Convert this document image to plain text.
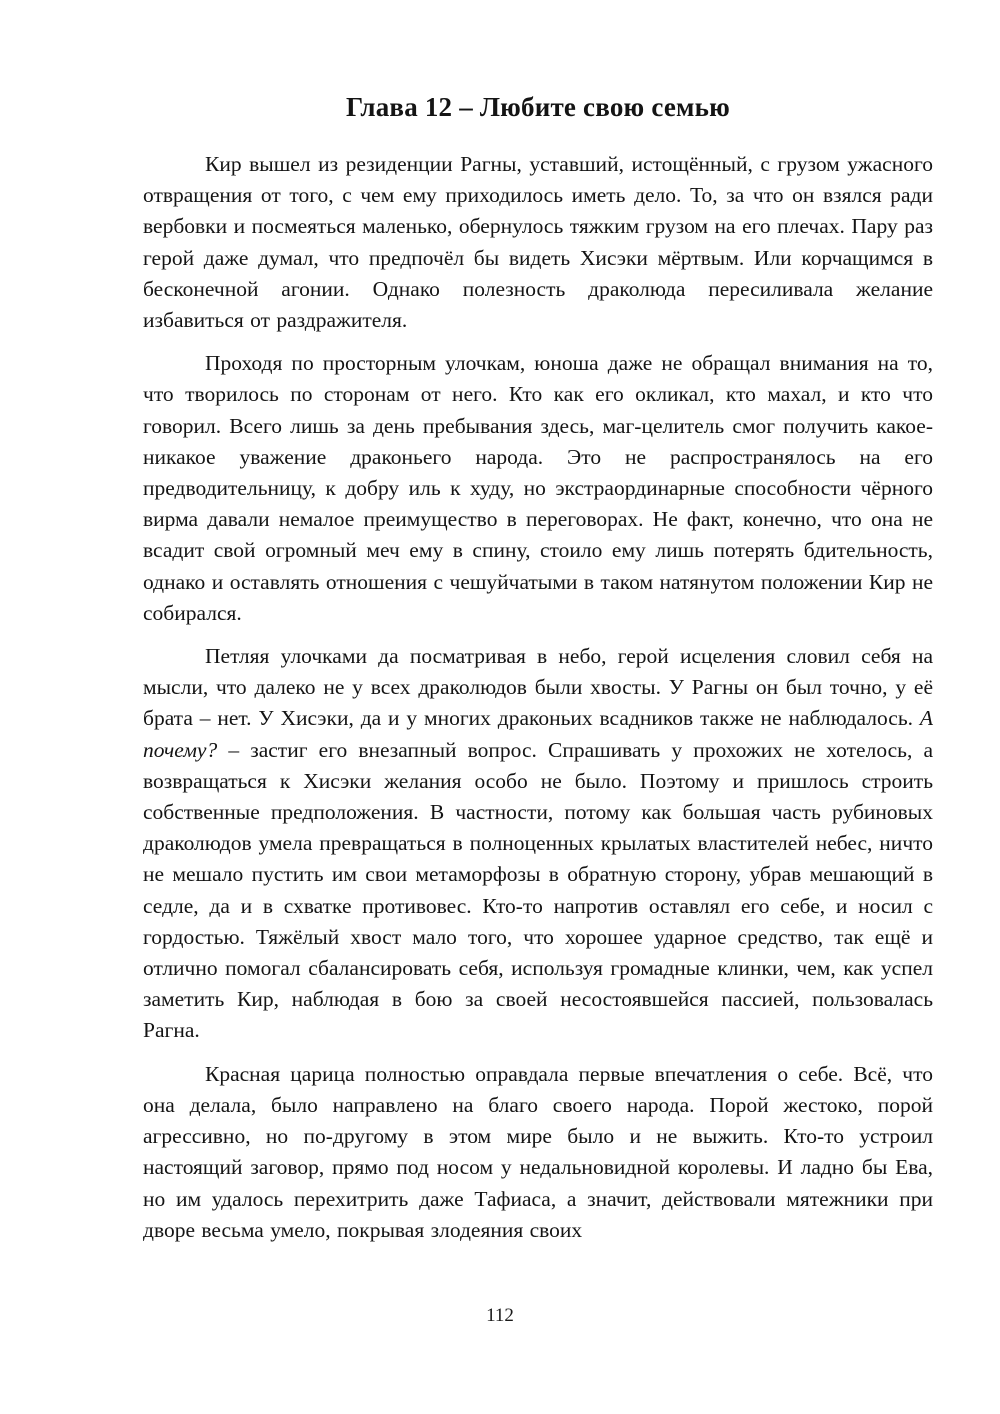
Глава 12 – Любите свою семью

Кир вышел из резиденции Рагны, уставший, истощённый, с грузом ужасного отвращения от того, с чем ему приходилось иметь дело. То, за что он взялся ради вербовки и посмеяться маленько, обернулось тяжким грузом на его плечах. Пару раз герой даже думал, что предпочёл бы видеть Хисэки мёртвым. Или корчащимся в бесконечной агонии. Однако полезность драколюда пересиливала желание избавиться от раздражителя.

Проходя по просторным улочкам, юноша даже не обращал внимания на то, что творилось по сторонам от него. Кто как его окликал, кто махал, и кто что говорил. Всего лишь за день пребывания здесь, маг-целитель смог получить какое-никакое уважение драконьего народа. Это не распространялось на его предводительницу, к добру иль к худу, но экстраординарные способности чёрного вирма давали немалое преимущество в переговорах. Не факт, конечно, что она не всадит свой огромный меч ему в спину, стоило ему лишь потерять бдительность, однако и оставлять отношения с чешуйчатыми в таком натянутом положении Кир не собирался.

Петляя улочками да посматривая в небо, герой исцеления словил себя на мысли, что далеко не у всех драколюдов были хвосты. У Рагны он был точно, у её брата – нет. У Хисэки, да и у многих драконьих всадников также не наблюдалось. А почему? – застиг его внезапный вопрос. Спрашивать у прохожих не хотелось, а возвращаться к Хисэки желания особо не было. Поэтому и пришлось строить собственные предположения. В частности, потому как большая часть рубиновых драколюдов умела превращаться в полноценных крылатых властителей небес, ничто не мешало пустить им свои метаморфозы в обратную сторону, убрав мешающий в седле, да и в схватке противовес. Кто-то напротив оставлял его себе, и носил с гордостью. Тяжёлый хвост мало того, что хорошее ударное средство, так ещё и отлично помогал сбалансировать себя, используя громадные клинки, чем, как успел заметить Кир, наблюдая в бою за своей несостоявшейся пассией, пользовалась Рагна.

Красная царица полностью оправдала первые впечатления о себе. Всё, что она делала, было направлено на благо своего народа. Порой жестоко, порой агрессивно, но по-другому в этом мире было и не выжить. Кто-то устроил настоящий заговор, прямо под носом у недальновидной королевы. И ладно бы Ева, но им удалось перехитрить даже Тафиаса, а значит, действовали мятежники при дворе весьма умело, покрывая злодеяния своих

112
